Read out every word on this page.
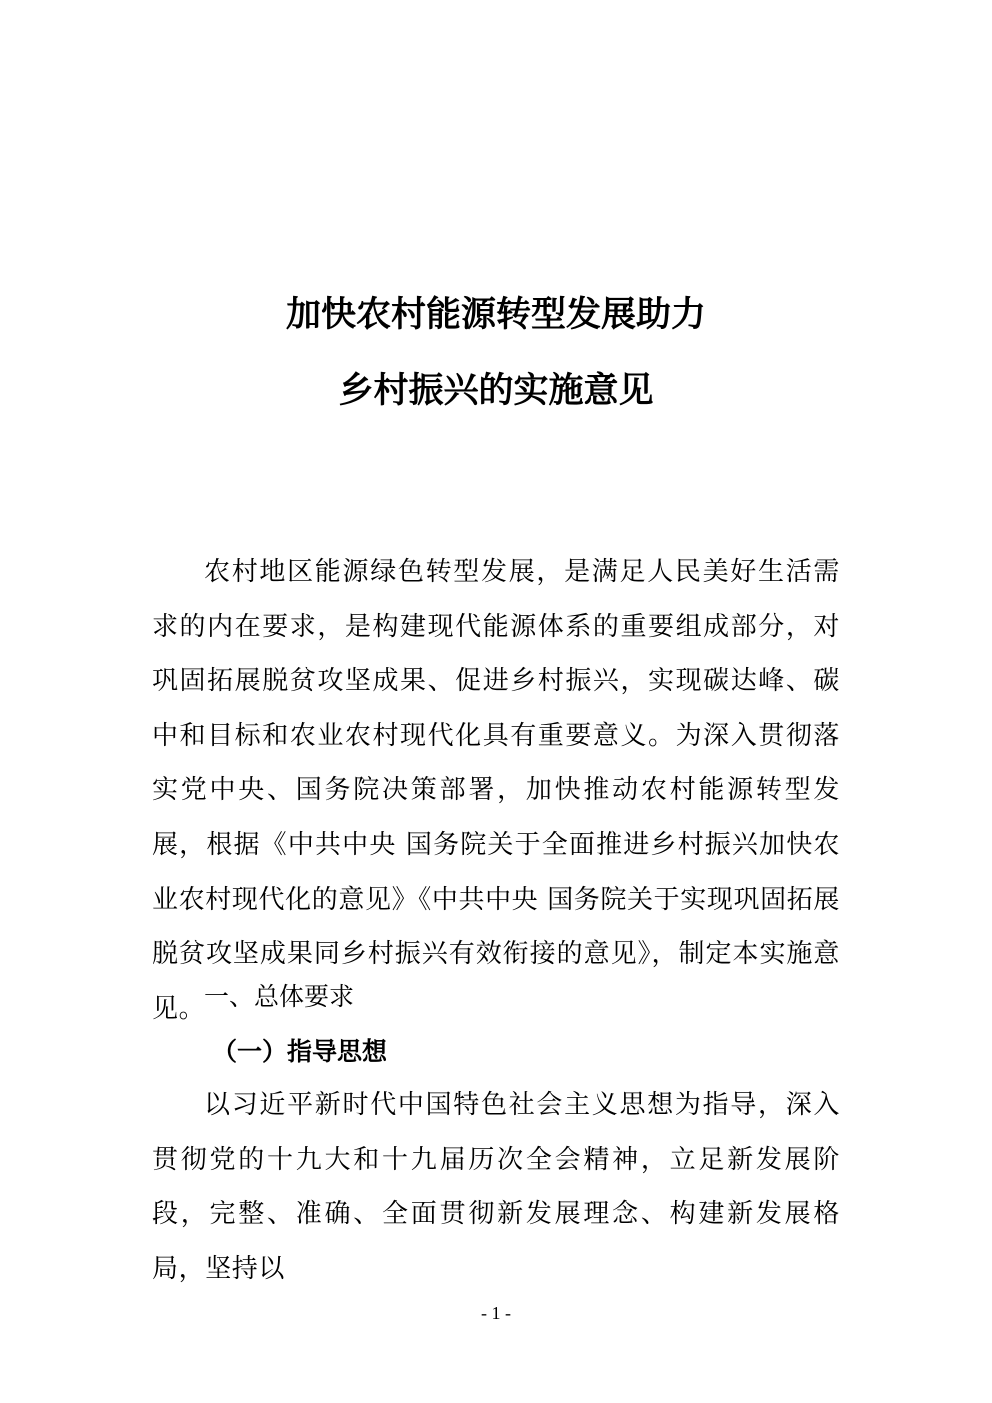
加快农村能源转型发展助力
乡村振兴的实施意见

农村地区能源绿色转型发展，是满足人民美好生活需求的内在要求，是构建现代能源体系的重要组成部分，对巩固拓展脱贫攻坚成果、促进乡村振兴，实现碳达峰、碳中和目标和农业农村现代化具有重要意义。为深入贯彻落实党中央、国务院决策部署，加快推动农村能源转型发展，根据《中共中央 国务院关于全面推进乡村振兴加快农业农村现代化的意见》《中共中央 国务院关于实现巩固拓展脱贫攻坚成果同乡村振兴有效衔接的意见》，制定本实施意见。

一、总体要求
（一）指导思想

以习近平新时代中国特色社会主义思想为指导，深入贯彻党的十九大和十九届历次全会精神，立足新发展阶段，完整、准确、全面贯彻新发展理念、构建新发展格局，坚持以

- 1 -
